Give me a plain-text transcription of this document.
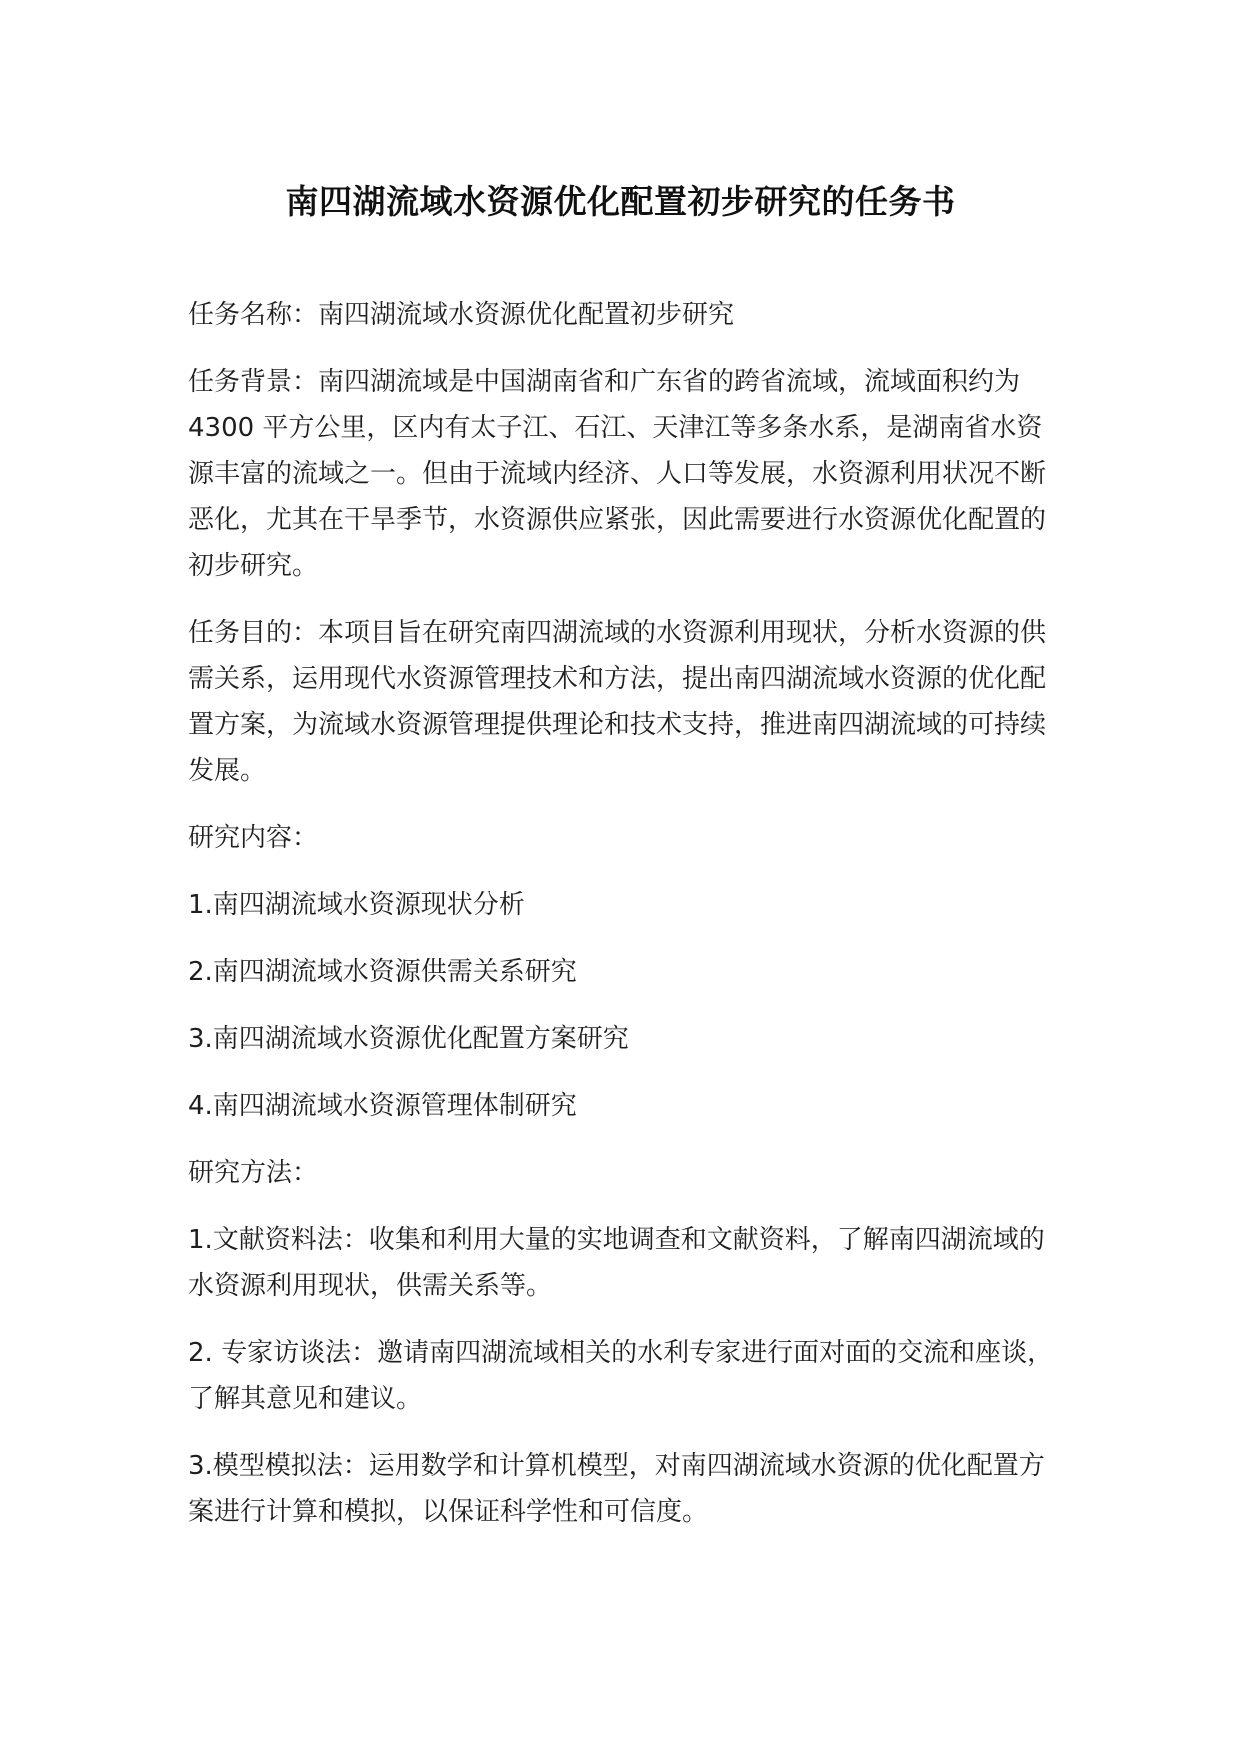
南四湖流域水资源优化配置初步研究的任务书

任务名称：南四湖流域水资源优化配置初步研究

任务背景：南四湖流域是中国湖南省和广东省的跨省流域，流域面积约为 4300 平方公里，区内有太子江、石江、天津江等多条水系，是湖南省水资源丰富的流域之一。但由于流域内经济、人口等发展，水资源利用状况不断恶化，尤其在干旱季节，水资源供应紧张，因此需要进行水资源优化配置的初步研究。

任务目的：本项目旨在研究南四湖流域的水资源利用现状，分析水资源的供需关系，运用现代水资源管理技术和方法，提出南四湖流域水资源的优化配置方案，为流域水资源管理提供理论和技术支持，推进南四湖流域的可持续发展。

研究内容：

1.南四湖流域水资源现状分析

2.南四湖流域水资源供需关系研究

3.南四湖流域水资源优化配置方案研究

4.南四湖流域水资源管理体制研究

研究方法：

1.文献资料法：收集和利用大量的实地调查和文献资料，了解南四湖流域的水资源利用现状，供需关系等。

2. 专家访谈法：邀请南四湖流域相关的水利专家进行面对面的交流和座谈，了解其意见和建议。

3.模型模拟法：运用数学和计算机模型，对南四湖流域水资源的优化配置方案进行计算和模拟，以保证科学性和可信度。
